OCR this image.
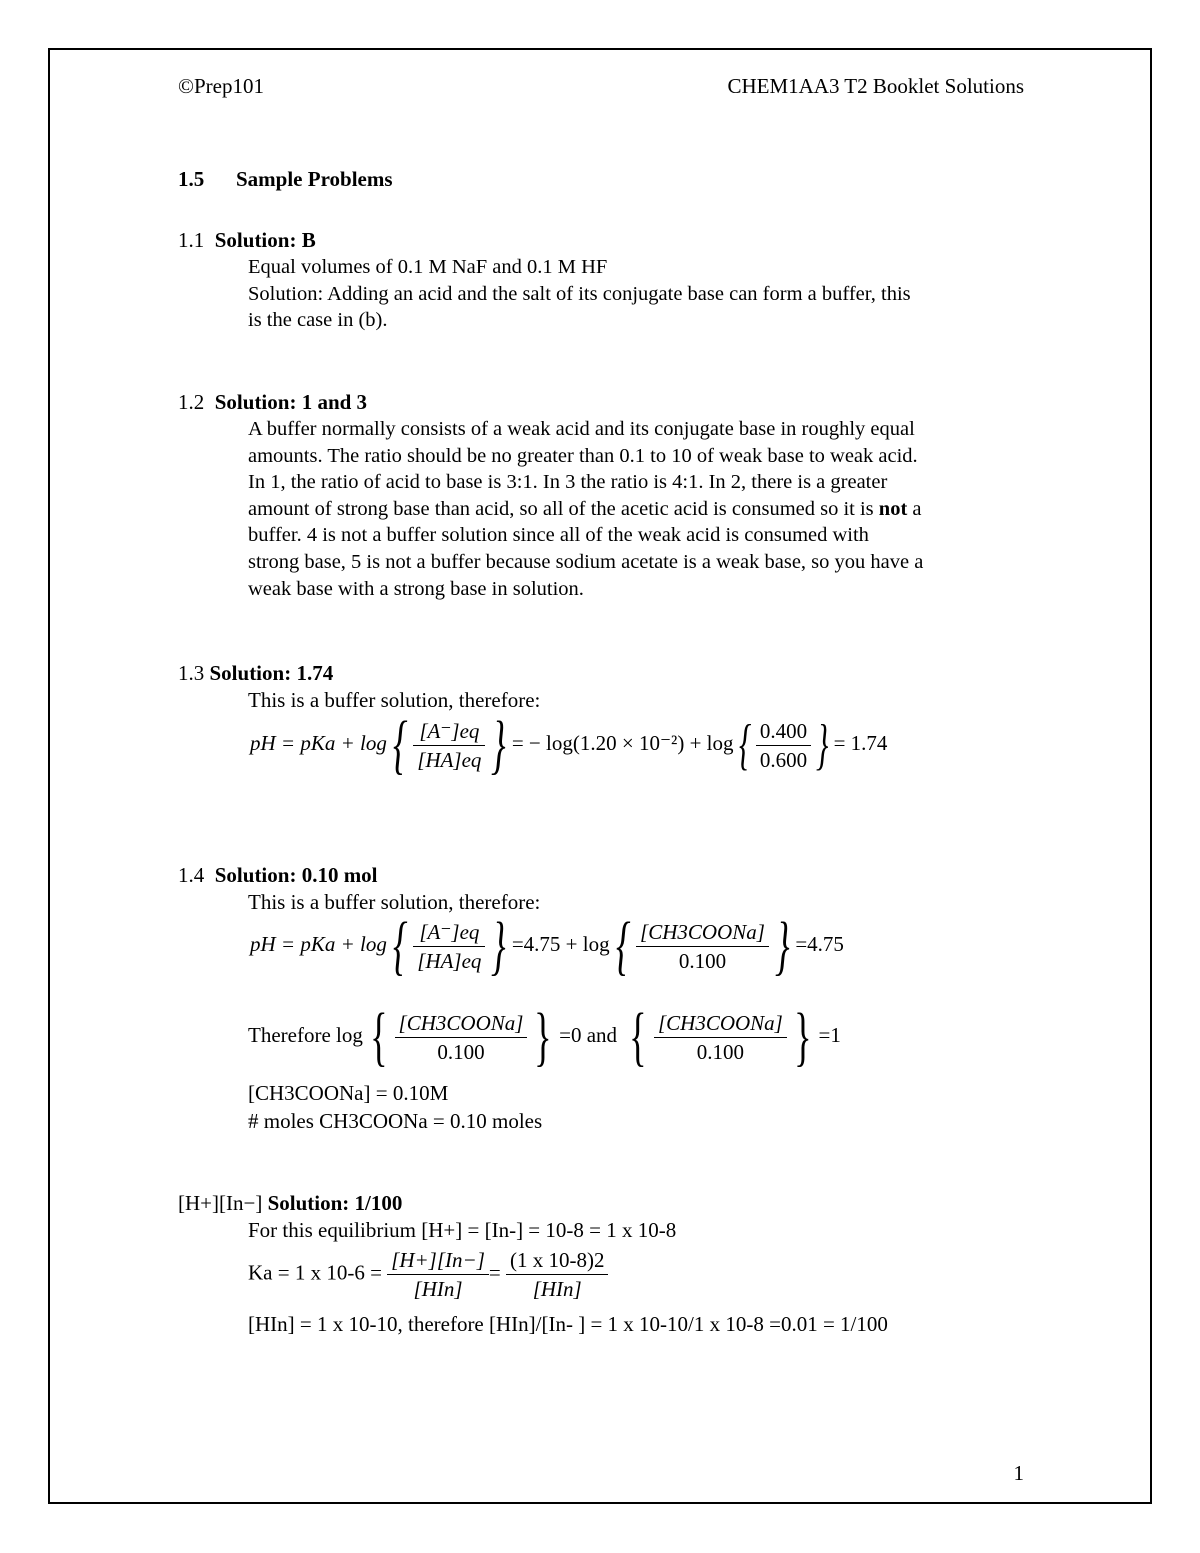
©Prep101	CHEM1AA3 T2 Booklet Solutions
1.5 Sample Problems
1.1 Solution: B
Equal volumes of 0.1 M NaF and 0.1 M HF
Solution: Adding an acid and the salt of its conjugate base can form a buffer, this
is the case in (b).
1.2 Solution: 1 and 3
A buffer normally consists of a weak acid and its conjugate base in roughly equal
amounts. The ratio should be no greater than 0.1 to 10 of weak base to weak acid.
In 1, the ratio of acid to base is 3:1. In 3 the ratio is 4:1. In 2, there is a greater
amount of strong base than acid, so all of the acetic acid is consumed so it is not a
buffer. 4 is not a buffer solution since all of the weak acid is consumed with
strong base, 5 is not a buffer because sodium acetate is a weak base, so you have a
weak base with a strong base in solution.
1.3 Solution: 1.74
This is a buffer solution, therefore:
pH = pKa + $\log\{ \frac{[A^-]eq}{[HA]eq}$ } = − $\log(1.20 \times 10^{-2}) + \log\{ \frac{0.400}{0.600}$ } = 1.74
1.4 Solution: 0.10 mol
This is a buffer solution, therefore:
pH = pKa + $\log\{ \frac{[A^-]eq}{[HA]eq}$ } $=4.75 + \log\{ \frac{\text{[CH3COONa]}}{0.100}$ } =4.75
Therefore log { $\frac{\text{[CH3COONa]}}{0.100}$ } =0 and { $\frac{\text{[CH3COONa]}}{0.100}$ } =1
[CH3COONa] = 0.10M
# moles CH3COONa = 0.10 moles
[H+][In−] Solution: 1/100
For this equilibrium [H+] = [In-] = 10-8 = 1 x 10-8
Ka = 1 x $10-6 = \frac{[H+][In-]}{\text{[HIn]}} = \frac{(1 x 10-8)2}{\text{[HIn]}}$
[HIn] = 1 x 10-10, therefore [HIn]/[In- ] = 1 x 10-10/1 x 10-8 =0.01 = 1/100
1
